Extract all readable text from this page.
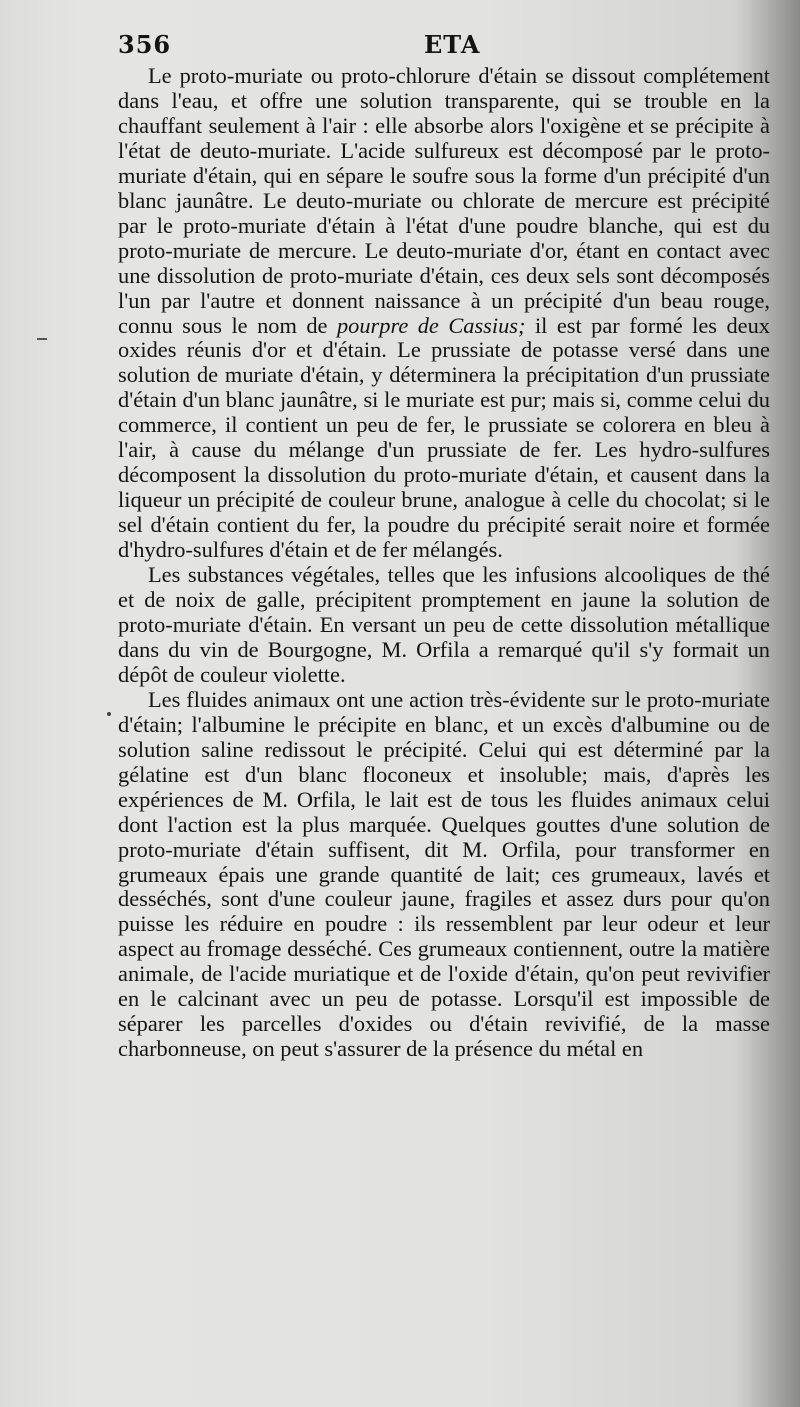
356	ETA

Le proto-muriate ou proto-chlorure d'étain se dissout complétement dans l'eau, et offre une solution transparente, qui se trouble en la chauffant seulement à l'air : elle absorbe alors l'oxigène et se précipite à l'état de deuto-muriate. L'acide sulfureux est décomposé par le proto-muriate d'étain, qui en sépare le soufre sous la forme d'un précipité d'un blanc jaunâtre. Le deuto-muriate ou chlorate de mercure est précipité par le proto-muriate d'étain à l'état d'une poudre blanche, qui est du proto-muriate de mercure. Le deuto-muriate d'or, étant en contact avec une dissolution de proto-muriate d'étain, ces deux sels sont décomposés l'un par l'autre et donnent naissance à un précipité d'un beau rouge, connu sous le nom de pourpre de Cassius; il est par formé les deux oxides réunis d'or et d'étain. Le prussiate de potasse versé dans une solution de muriate d'étain, y déterminera la précipitation d'un prussiate d'étain d'un blanc jaunâtre, si le muriate est pur; mais si, comme celui du commerce, il contient un peu de fer, le prussiate se colorera en bleu à l'air, à cause du mélange d'un prussiate de fer. Les hydro-sulfures décomposent la dissolution du proto-muriate d'étain, et causent dans la liqueur un précipité de couleur brune, analogue à celle du chocolat; si le sel d'étain contient du fer, la poudre du précipité serait noire et formée d'hydro-sulfures d'étain et de fer mélangés.

Les substances végétales, telles que les infusions alcooliques de thé et de noix de galle, précipitent promptement en jaune la solution de proto-muriate d'étain. En versant un peu de cette dissolution métallique dans du vin de Bourgogne, M. Orfila a remarqué qu'il s'y formait un dépôt de couleur violette.

Les fluides animaux ont une action très-évidente sur le proto-muriate d'étain; l'albumine le précipite en blanc, et un excès d'albumine ou de solution saline redissout le précipité. Celui qui est déterminé par la gélatine est d'un blanc floconeux et insoluble; mais, d'après les expériences de M. Orfila, le lait est de tous les fluides animaux celui dont l'action est la plus marquée. Quelques gouttes d'une solution de proto-muriate d'étain suffisent, dit M. Orfila, pour transformer en grumeaux épais une grande quantité de lait; ces grumeaux, lavés et desséchés, sont d'une couleur jaune, fragiles et assez durs pour qu'on puisse les réduire en poudre : ils ressemblent par leur odeur et leur aspect au fromage desséché. Ces grumeaux contiennent, outre la matière animale, de l'acide muriatique et de l'oxide d'étain, qu'on peut revivifier en le calcinant avec un peu de potasse. Lorsqu'il est impossible de séparer les parcelles d'oxides ou d'étain revivifié, de la masse charbonneuse, on peut s'assurer de la présence du métal en
